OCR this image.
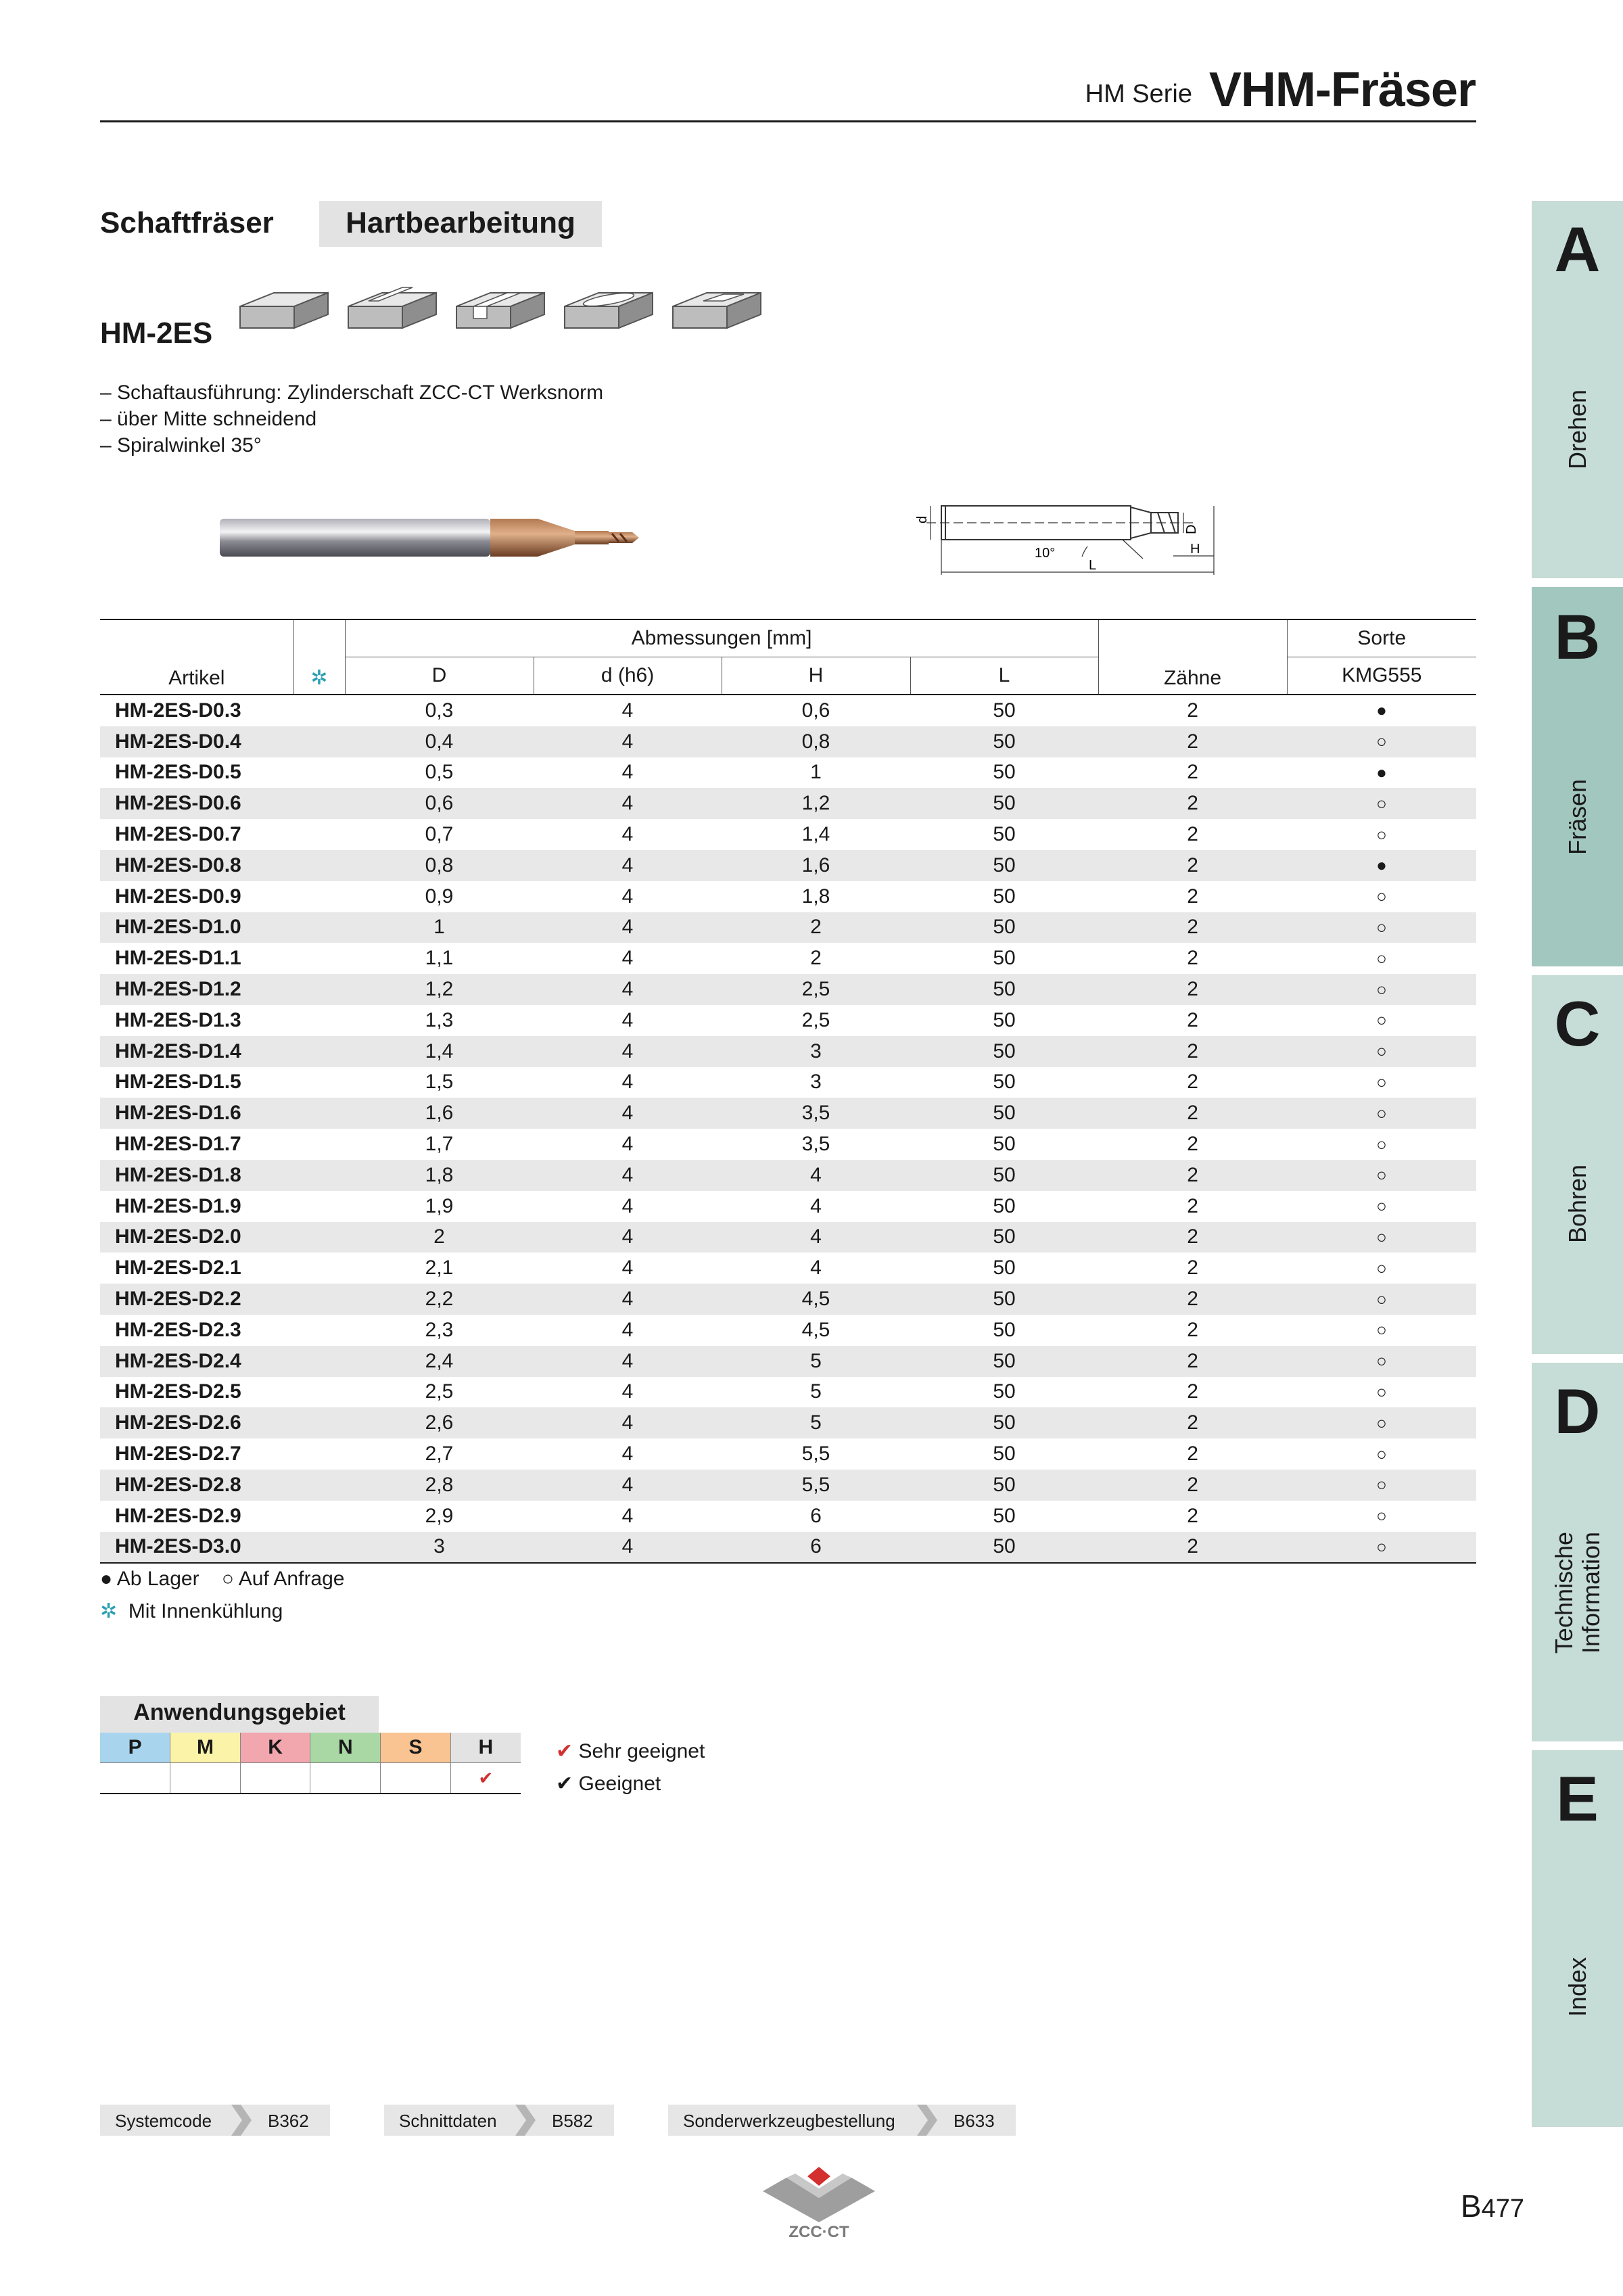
HM Serie VHM-Fräser
Schaftfräser	Hartbearbeitung
HM-2ES
– Schaftausführung: Zylinderschaft ZCC-CT Werksnorm
– über Mitte schneidend
– Spiralwinkel 35°
d
D
10°
L
H
Artikel	✲	Abmessungen [mm]				Zähne	Sorte
		D	d (h6)	H	L		KMG555
HM-2ES-D0.3		0,3	4	0,6	50	2	●
HM-2ES-D0.4		0,4	4	0,8	50	2	○
HM-2ES-D0.5		0,5	4	1	50	2	●
HM-2ES-D0.6		0,6	4	1,2	50	2	○
HM-2ES-D0.7		0,7	4	1,4	50	2	○
HM-2ES-D0.8		0,8	4	1,6	50	2	●
HM-2ES-D0.9		0,9	4	1,8	50	2	○
HM-2ES-D1.0		1	4	2	50	2	○
HM-2ES-D1.1		1,1	4	2	50	2	○
HM-2ES-D1.2		1,2	4	2,5	50	2	○
HM-2ES-D1.3		1,3	4	2,5	50	2	○
HM-2ES-D1.4		1,4	4	3	50	2	○
HM-2ES-D1.5		1,5	4	3	50	2	○
HM-2ES-D1.6		1,6	4	3,5	50	2	○
HM-2ES-D1.7		1,7	4	3,5	50	2	○
HM-2ES-D1.8		1,8	4	4	50	2	○
HM-2ES-D1.9		1,9	4	4	50	2	○
HM-2ES-D2.0		2	4	4	50	2	○
HM-2ES-D2.1		2,1	4	4	50	2	○
HM-2ES-D2.2		2,2	4	4,5	50	2	○
HM-2ES-D2.3		2,3	4	4,5	50	2	○
HM-2ES-D2.4		2,4	4	5	50	2	○
HM-2ES-D2.5		2,5	4	5	50	2	○
HM-2ES-D2.6		2,6	4	5	50	2	○
HM-2ES-D2.7		2,7	4	5,5	50	2	○
HM-2ES-D2.8		2,8	4	5,5	50	2	○
HM-2ES-D2.9		2,9	4	6	50	2	○
HM-2ES-D3.0		3	4	6	50	2	○
● Ab Lager ○ Auf Anfrage
✲ Mit Innenkühlung
Anwendungsgebiet
P	M	K	N	S	H
					✔
✔ Sehr geeignet
✔ Geeignet
Systemcode	B362	Schnittdaten	B582	Sonderwerkzeugbestellung	B633
ZCC·CT
B477
A
B
C
D
E
Drehen
Fräsen
Bohren
Technische Information
Index
